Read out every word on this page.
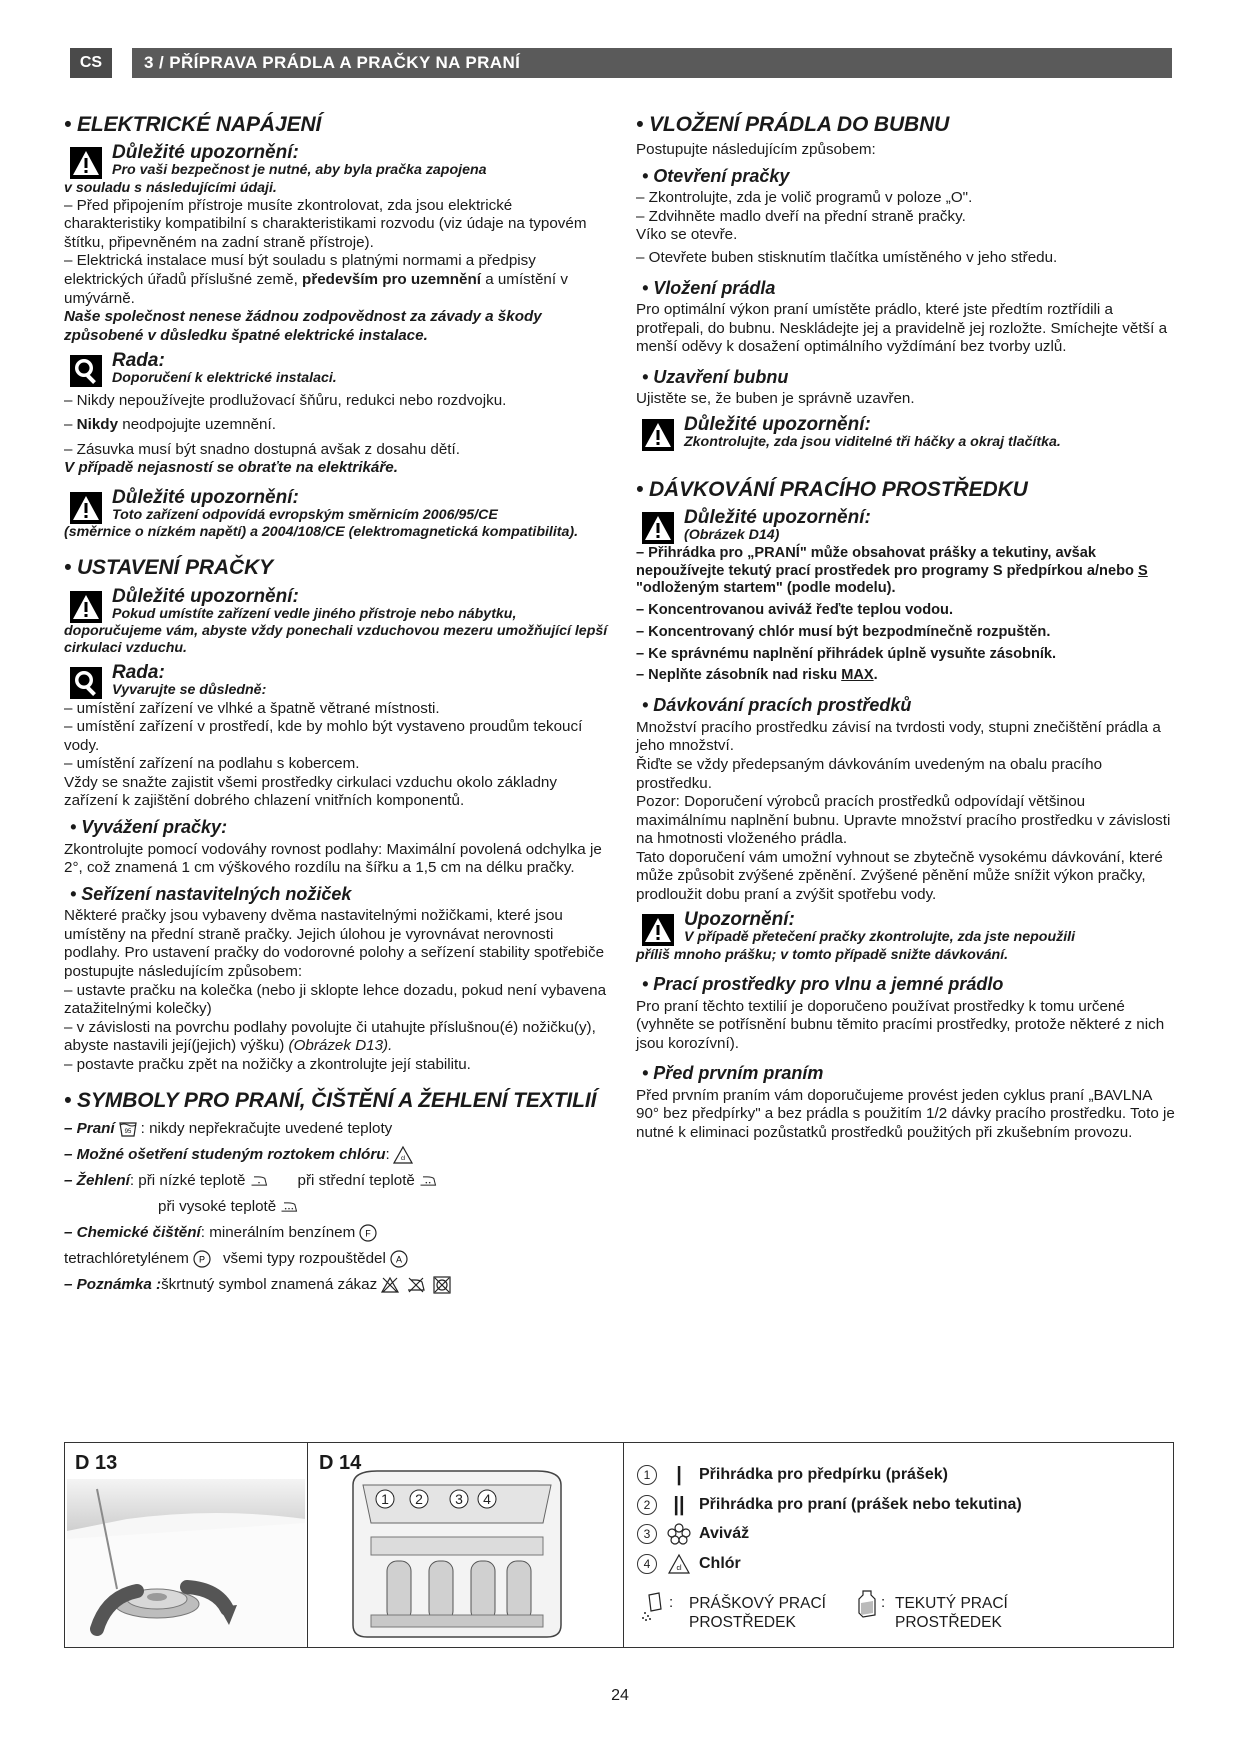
CS	3 / PŘÍPRAVA PRÁDLA A PRAČKY NA PRANÍ
• ELEKTRICKÉ NAPÁJENÍ
Důležité upozornění:
Pro vaši bezpečnost je nutné, aby byla pračka zapojena
v souladu s následujícími údaji.

– Před připojením přístroje musíte zkontrolovat, zda jsou elektrické charakteristiky kompatibilní s charakteristikami rozvodu (viz údaje na typovém štítku, připevněném na zadní straně přístroje).

– Elektrická instalace musí být souladu s platnými normami a předpisy elektrických úřadů příslušné země, především pro uzemnění a umístění v umývárně.

Naše společnost nenese žádnou zodpovědnost za závady a škody způsobené v důsledku špatné elektrické instalace.

Rada:
Doporučení k elektrické instalaci.
– Nikdy nepoužívejte prodlužovací šňůru, redukci nebo rozdvojku.
– Nikdy neodpojujte uzemnění.
– Zásuvka musí být snadno dostupná avšak z dosahu dětí.

V případě nejasností se obraťte na elektrikáře.

Důležité upozornění:
Toto zařízení odpovídá evropským směrnicím 2006/95/CE
(směrnice o nízkém napětí) a 2004/108/CE (elektromagnetická kompatibilita).
• USTAVENÍ PRAČKY
Důležité upozornění:
Pokud umístíte zařízení vedle jiného přístroje nebo nábytku,
doporučujeme vám, abyste vždy ponechali vzduchovou mezeru umožňující lepší cirkulaci vzduchu.
Rada:
Vyvarujte se důsledně:

– umístění zařízení ve vlhké a špatně větrané místnosti.

– umístění zařízení v prostředí, kde by mohlo být vystaveno proudům tekoucí vody.

– umístění zařízení na podlahu s kobercem.

Vždy se snažte zajistit všemi prostředky cirkulaci vzduchu okolo základny zařízení k zajištění dobrého chlazení vnitřních komponentů.

• Vyvážení pračky:

Zkontrolujte pomocí vodováhy rovnost podlahy: Maximální povolená odchylka je 2°, což znamená 1 cm výškového rozdílu na šířku a 1,5 cm na délku pračky.

• Seřízení nastavitelných nožiček

Některé pračky jsou vybaveny dvěma nastavitelnými nožičkami, které jsou umístěny na přední straně pračky. Jejich úlohou je vyrovnávat nerovnosti podlahy. Pro ustavení pračky do vodorovné polohy a seřízení stability spotřebiče postupujte následujícím způsobem:

– ustavte pračku na kolečka (nebo ji sklopte lehce dozadu, pokud není vybavena zatažitelnými kolečky)

– v závislosti na povrchu podlahy povolujte či utahujte příslušnou(é) nožičku(y), abyste nastavili její(jejich) výšku) (Obrázek D13).

– postavte pračku zpět na nožičky a zkontrolujte její stabilitu.

• SYMBOLY PRO PRANÍ, ČIŠTĚNÍ A ŽEHLENÍ TEXTILIÍ
– Praní 95 : nikdy nepřekračujte uvedené teploty
– Možné ošetření studeným roztokem chlóru : cl
– Žehlení : při nízké teplotě	při střední teplotě
při vysoké teplotě
– Chemické čištění : minerálním benzínem F
tetrachlóretylénem P všemi typy rozpouštědel A
– Poznámka : škrtnutý symbol znamená zákaz
• VLOŽENÍ PRÁDLA DO BUBNU

Postupujte následujícím způsobem:

• Otevření pračky

– Zkontrolujte, zda je volič programů v poloze „O".

– Zdvihněte madlo dveří na přední straně pračky.

Víko se otevře.

– Otevřete buben stisknutím tlačítka umístěného v jeho středu.

• Vložení prádla

Pro optimální výkon praní umístěte prádlo, které jste předtím roztřídili a protřepali, do bubnu. Neskládejte jej a pravidelně jej rozložte. Smíchejte větší a menší oděvy k dosažení optimálního vyždímání bez tvorby uzlů.

• Uzavření bubnu

Ujistěte se, že buben je správně uzavřen.

Důležité upozornění:
Zkontrolujte, zda jsou viditelné tři háčky a okraj tlačítka.
• DÁVKOVÁNÍ PRACÍHO PROSTŘEDKU
Důležité upozornění:
(Obrázek D14)

– Přihrádka pro „PRANÍ" může obsahovat prášky a tekutiny, avšak nepoužívejte tekutý prací prostředek pro programy S předpírkou a/nebo S "odloženým startem" (podle modelu).

– Koncentrovanou aviváž řeďte teplou vodou.

– Koncentrovaný chlór musí být bezpodmínečně rozpuštěn.

– Ke správnému naplnění přihrádek úplně vysuňte zásobník.

– Neplňte zásobník nad risku MAX.

• Dávkování pracích prostředků

Množství pracího prostředku závisí na tvrdosti vody, stupni znečištění prádla a jeho množství.

Řiďte se vždy předepsaným dávkováním uvedeným na obalu pracího prostředku.

Pozor: Doporučení výrobců pracích prostředků odpovídají většinou maximálnímu naplnění bubnu. Upravte množství pracího prostředku v závislosti na hmotnosti vloženého prádla.

Tato doporučení vám umožní vyhnout se zbytečně vysokému dávkování, které může způsobit zvýšené zpěnění. Zvýšené pěnění může snížit výkon pračky, prodloužit dobu praní a zvýšit spotřebu vody.

Upozornění:
V případě přetečení pračky zkontrolujte, zda jste nepoužili
příliš mnoho prášku; v tomto případě snižte dávkování.
• Prací prostředky pro vlnu a jemné prádlo

Pro praní těchto textilií je doporučeno používat prostředky k tomu určené (vyhněte se potřísnění bubnu těmito pracími prostředky, protože některé z nich jsou korozívní).

• Před prvním praním

Před prvním praním vám doporučujeme provést jeden cyklus praní „BAVLNA 90° bez předpírky" a bez prádla s použitím 1/2 dávky pracího prostředku. Toto je nutné k eliminaci pozůstatků prostředků použitých při zkušebním provozu.

D 13	D 14
1 2 3 4
1	|	Přihrádka pro předpírku (prášek)
2	|| Přihrádka pro praní (prášek nebo tekutina)
3	Aviváž
4	cl Chlór
: PRÁŠKOVÝ PRACÍ
PROSTŘEDEK
: TEKUTÝ PRACÍ
PROSTŘEDEK
24
